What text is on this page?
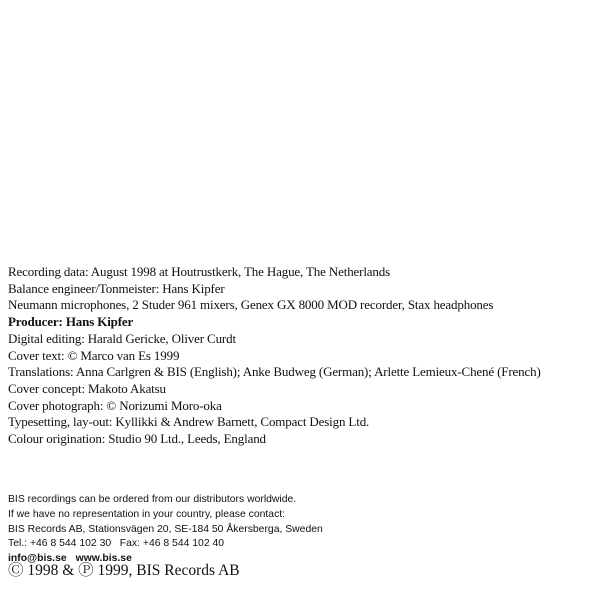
Recording data: August 1998 at Houtrustkerk, The Hague, The Netherlands
Balance engineer/Tonmeister: Hans Kipfer
Neumann microphones, 2 Studer 961 mixers, Genex GX 8000 MOD recorder, Stax headphones
Producer: Hans Kipfer
Digital editing: Harald Gericke, Oliver Curdt
Cover text: © Marco van Es 1999
Translations: Anna Carlgren & BIS (English); Anke Budweg (German); Arlette Lemieux-Chené (French)
Cover concept: Makoto Akatsu
Cover photograph: © Norizumi Moro-oka
Typesetting, lay-out: Kyllikki & Andrew Barnett, Compact Design Ltd.
Colour origination: Studio 90 Ltd., Leeds, England
BIS recordings can be ordered from our distributors worldwide.
If we have no representation in your country, please contact:
BIS Records AB, Stationsvägen 20, SE-184 50 Åkersberga, Sweden
Tel.: +46 8 544 102 30   Fax: +46 8 544 102 40
info@bis.se www.bis.se
Ⓒ 1998 & Ⓟ 1999, BIS Records AB
